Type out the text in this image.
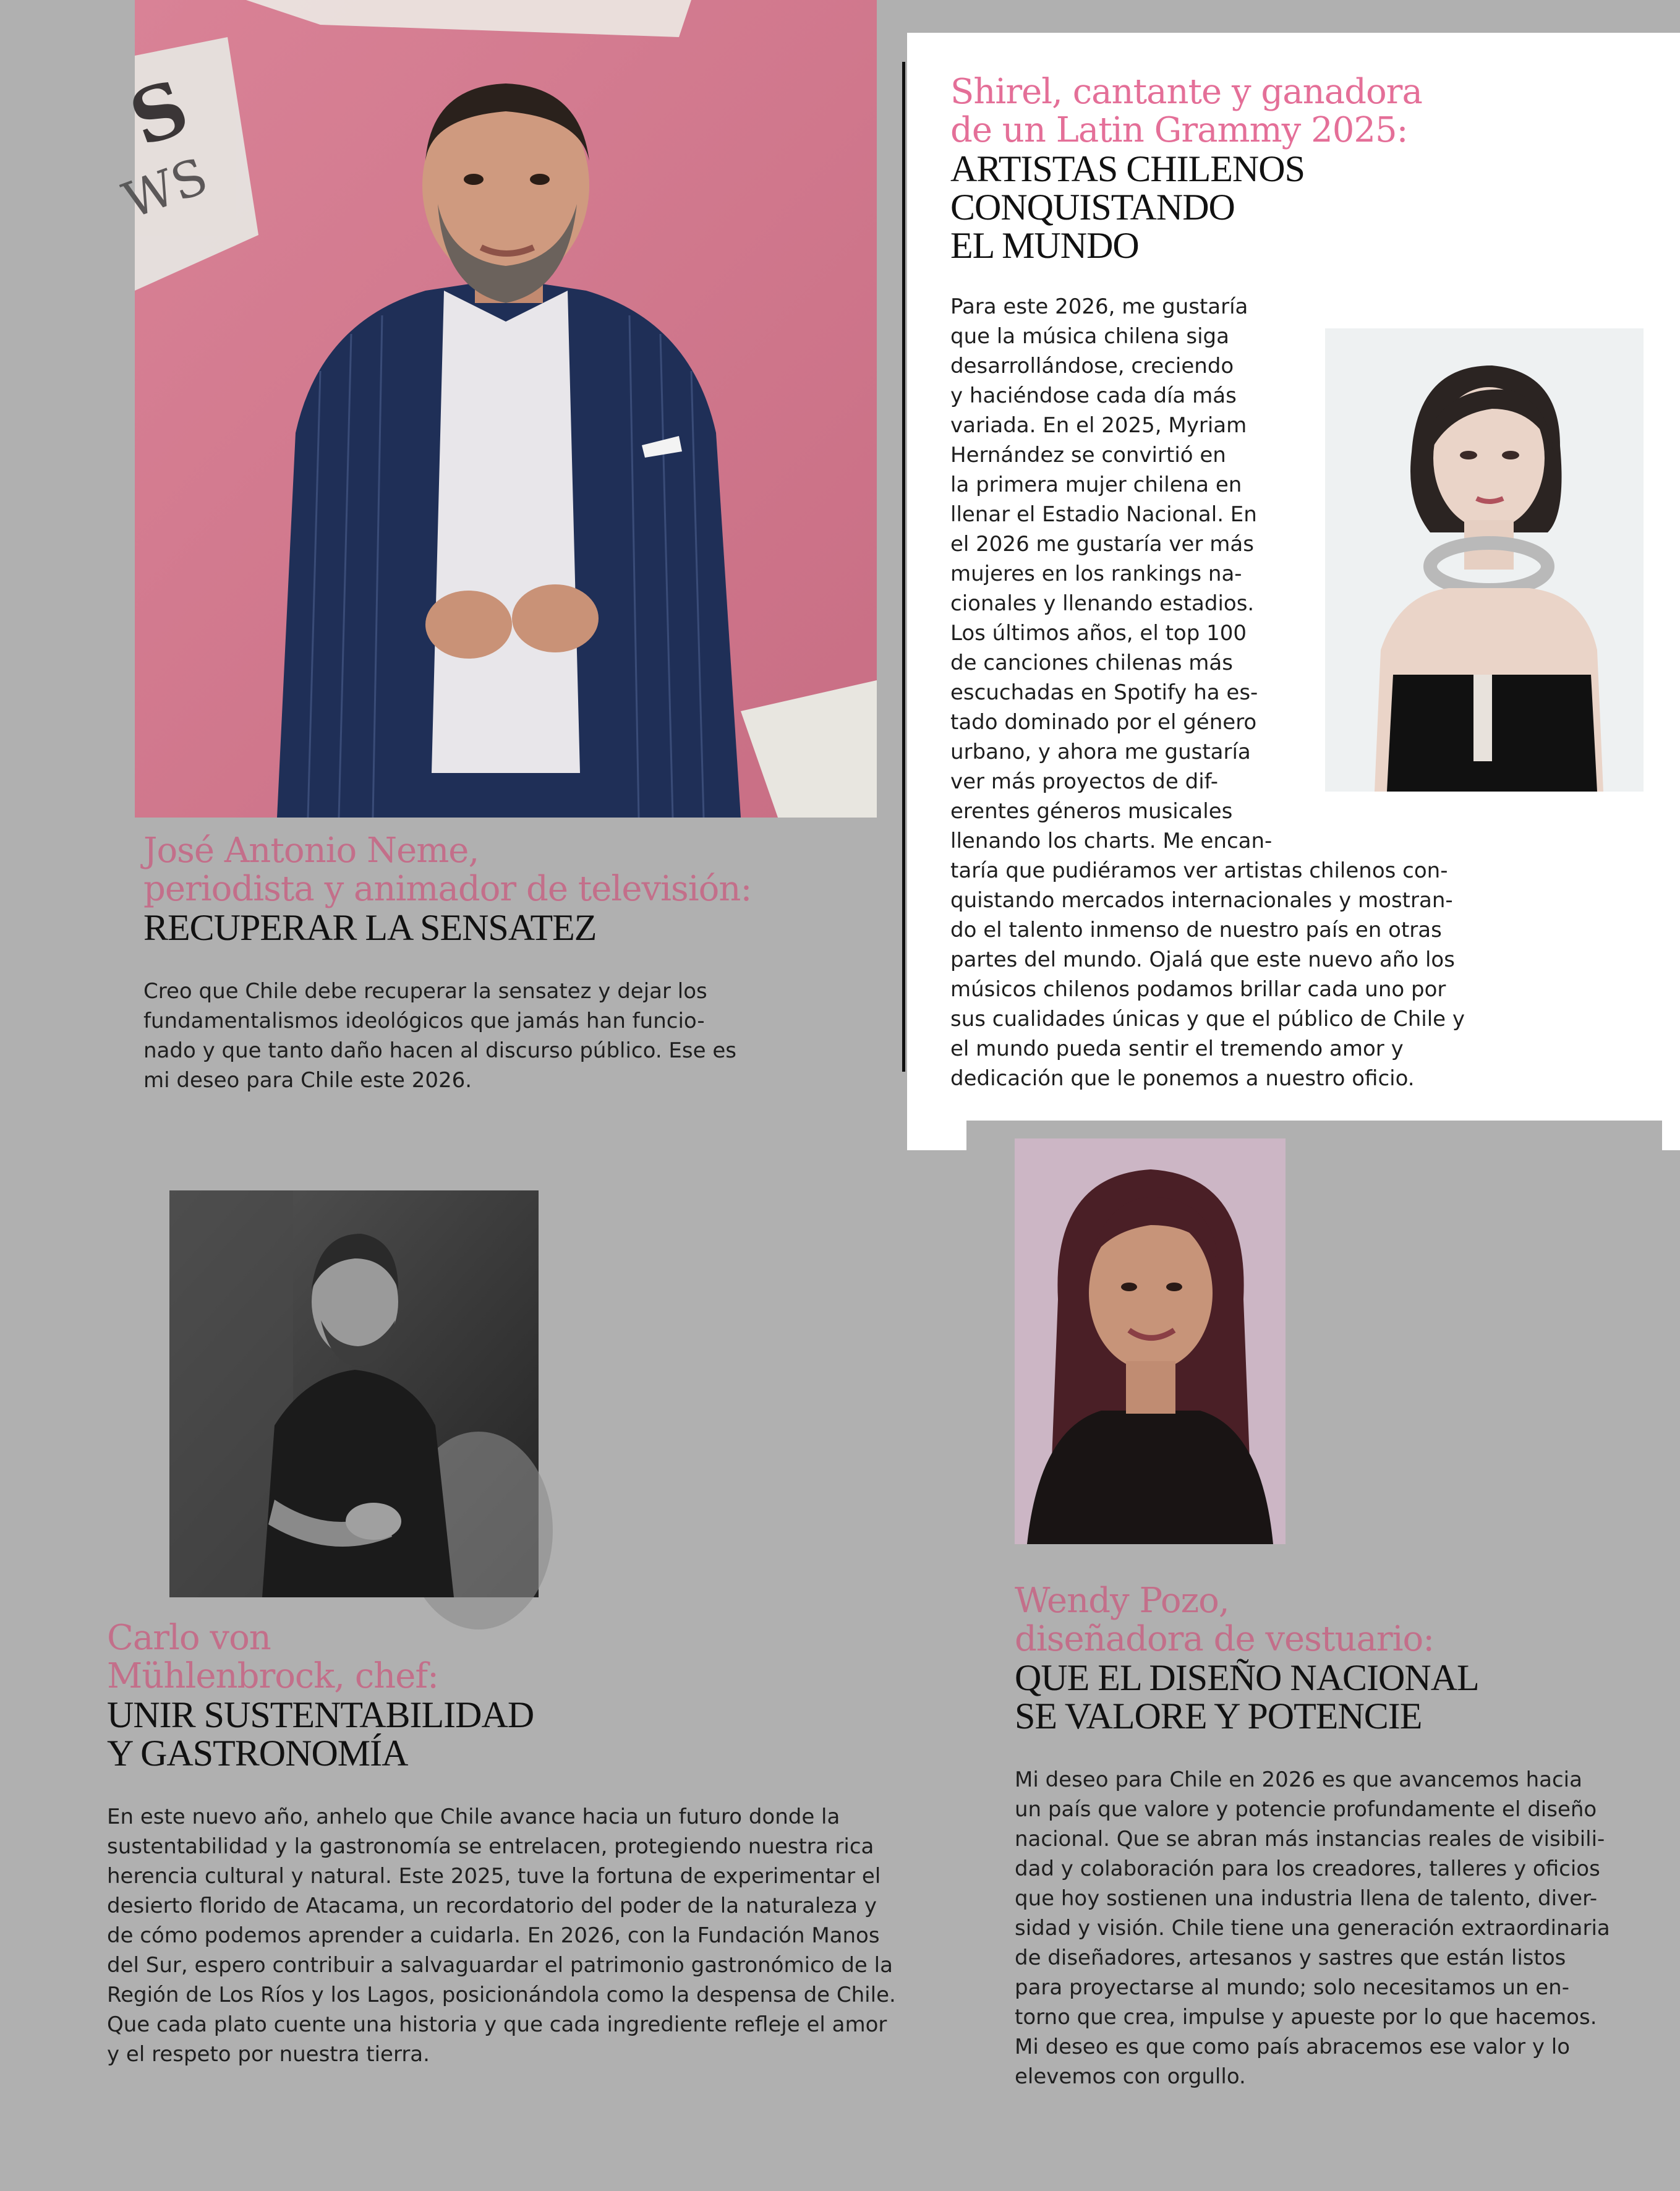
S
WS
José Antonio Neme,
periodista y animador de televisión:
RECUPERAR LA SENSATEZ
Creo que Chile debe recuperar la sensatez y dejar los
fundamentalismos ideológicos que jamás han funcio-
nado y que tanto daño hacen al discurso público. Ese es
mi deseo para Chile este 2026.
Shirel, cantante y ganadora
de un Latin Grammy 2025:
ARTISTAS CHILENOS
CONQUISTANDO
EL MUNDO
Para este 2026, me gustaría
que la música chilena siga
desarrollándose, creciendo
y haciéndose cada día más
variada. En el 2025, Myriam
Hernández se convirtió en
la primera mujer chilena en
llenar el Estadio Nacional. En
el 2026 me gustaría ver más
mujeres en los rankings na-
cionales y llenando estadios.
Los últimos años, el top 100
de canciones chilenas más
escuchadas en Spotify ha es-
tado dominado por el género
urbano, y ahora me gustaría
ver más proyectos de dif-
erentes géneros musicales
llenando los charts. Me encan-
taría que pudiéramos ver artistas chilenos con-
quistando mercados internacionales y mostran-
do el talento inmenso de nuestro país en otras
partes del mundo. Ojalá que este nuevo año los
músicos chilenos podamos brillar cada uno por
sus cualidades únicas y que el público de Chile y
el mundo pueda sentir el tremendo amor y
dedicación que le ponemos a nuestro oficio.
Carlo von
Mühlenbrock, chef:
UNIR SUSTENTABILIDAD
Y GASTRONOMÍA
En este nuevo año, anhelo que Chile avance hacia un futuro donde la
sustentabilidad y la gastronomía se entrelacen, protegiendo nuestra rica
herencia cultural y natural. Este 2025, tuve la fortuna de experimentar el
desierto florido de Atacama, un recordatorio del poder de la naturaleza y
de cómo podemos aprender a cuidarla. En 2026, con la Fundación Manos
del Sur, espero contribuir a salvaguardar el patrimonio gastronómico de la
Región de Los Ríos y los Lagos, posicionándola como la despensa de Chile.
Que cada plato cuente una historia y que cada ingrediente refleje el amor
y el respeto por nuestra tierra.
Wendy Pozo,
diseñadora de vestuario:
QUE EL DISEÑO NACIONAL
SE VALORE Y POTENCIE
Mi deseo para Chile en 2026 es que avancemos hacia
un país que valore y potencie profundamente el diseño
nacional. Que se abran más instancias reales de visibili-
dad y colaboración para los creadores, talleres y oficios
que hoy sostienen una industria llena de talento, diver-
sidad y visión. Chile tiene una generación extraordinaria
de diseñadores, artesanos y sastres que están listos
para proyectarse al mundo; solo necesitamos un en-
torno que crea, impulse y apueste por lo que hacemos.
Mi deseo es que como país abracemos ese valor y lo
elevemos con orgullo.
